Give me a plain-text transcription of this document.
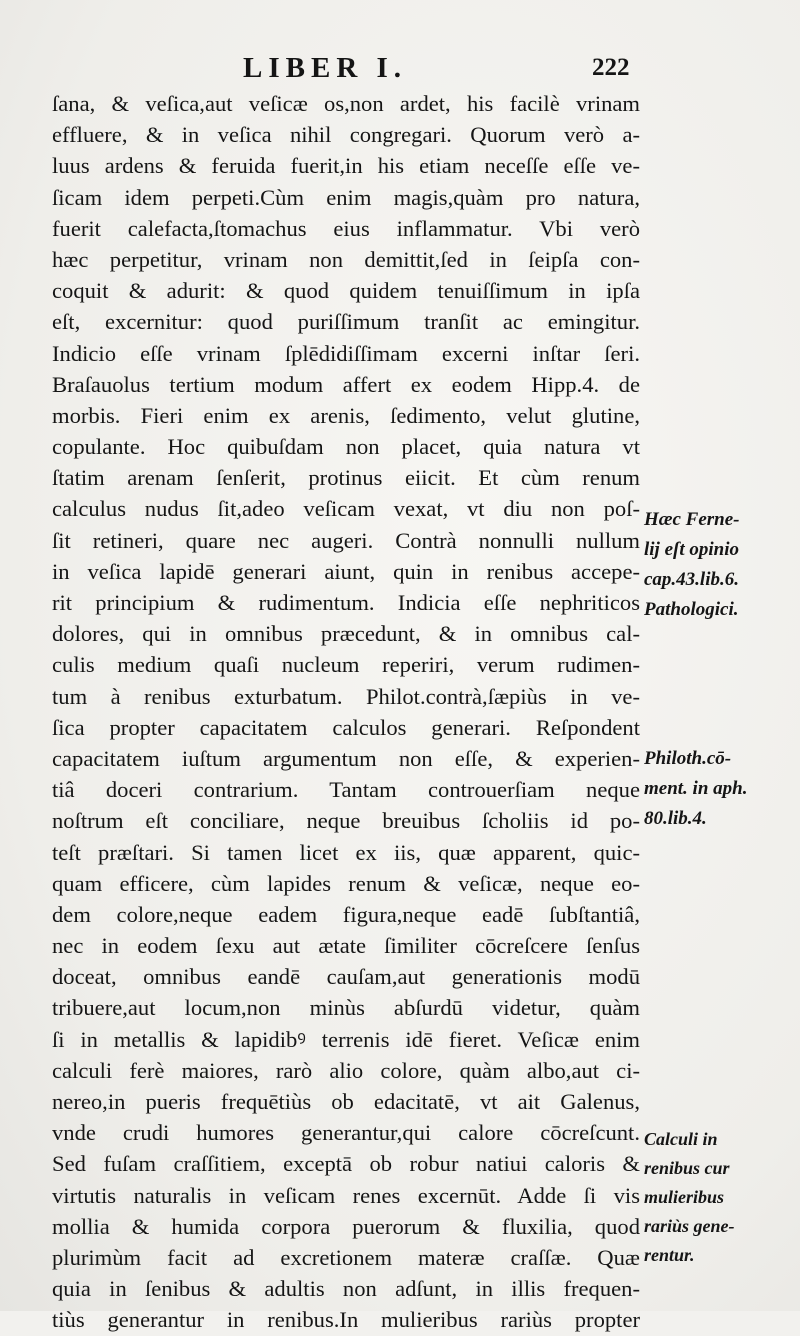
LIBER I.	222
ſana, & veſica,aut veſicæ os,non ardet, his facilè vrinam
effluere, & in veſica nihil congregari. Quorum verò a-
luus ardens & feruida fuerit,in his etiam neceſſe eſſe ve-
ſicam idem perpeti.Cùm enim magis,quàm pro natura,
fuerit calefacta,ſtomachus eius inflammatur. Vbi verò
hæc perpetitur, vrinam non demittit,ſed in ſeipſa con-
coquit & adurit: & quod quidem tenuiſſimum in ipſa
eſt, excernitur: quod puriſſimum tranſit ac emingitur.
Indicio eſſe vrinam ſplēdidiſſimam excerni inſtar ſeri.
Braſauolus tertium modum affert ex eodem Hipp.4. de
morbis. Fieri enim ex arenis, ſedimento, velut glutine,
copulante. Hoc quibuſdam non placet, quia natura vt
ſtatim arenam ſenſerit, protinus eiicit. Et cùm renum
calculus nudus ſit,adeo veſicam vexat, vt diu non poſ-
ſit retineri, quare nec augeri. Contrà nonnulli nullum
in veſica lapidē generari aiunt, quin in renibus accepe-
rit principium & rudimentum. Indicia eſſe nephriticos
dolores, qui in omnibus præcedunt, & in omnibus cal-
culis medium quaſi nucleum reperiri, verum rudimen-
tum à renibus exturbatum. Philot.contrà,ſæpiùs in ve-
ſica propter capacitatem calculos generari. Reſpondent
capacitatem iuſtum argumentum non eſſe, & experien-
tiâ doceri contrarium. Tantam controuerſiam neque
noſtrum eſt conciliare, neque breuibus ſcholiis id po-
teſt præſtari. Si tamen licet ex iis, quæ apparent, quic-
quam efficere, cùm lapides renum & veſicæ, neque eo-
dem colore,neque eadem figura,neque eadē ſubſtantiâ,
nec in eodem ſexu aut ætate ſimiliter cōcreſcere ſenſus
doceat, omnibus eandē cauſam,aut generationis modū
tribuere,aut locum,non minùs abſurdū videtur, quàm
ſi in metallis & lapidibꝰ terrenis idē fieret. Veſicæ enim
calculi ferè maiores, rarò alio colore, quàm albo,aut ci-
nereo,in pueris frequētiùs ob edacitatē, vt ait Galenus,
vnde crudi humores generantur,qui calore cōcreſcunt.
Sed fuſam craſſitiem, exceptā ob robur natiui caloris &
virtutis naturalis in veſicam renes excernūt. Adde ſi vis
mollia & humida corpora puerorum & fluxilia, quod
plurimùm facit ad excretionem materæ craſſæ. Quæ
quia in ſenibus & adultis non adſunt, in illis frequen-
tiùs generantur in renibus.In mulieribus rariùs propter
Hæc Ferne-
lij eſt opinio
cap.43.lib.6.
Pathologici.
Philoth.cō-
ment. in aph.
80.lib.4.
Calculi in
renibus cur
mulieribus
rariùs gene-
rentur.
